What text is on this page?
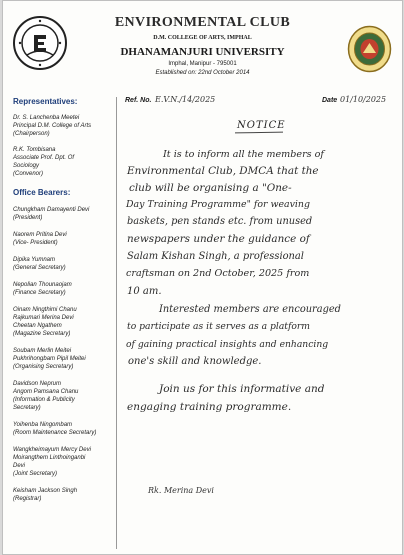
ENVIRONMENTAL CLUB
D.M. COLLEGE OF ARTS, IMPHAL
DHANAMANJURI UNIVERSITY
Imphal, Manipur - 795001
Established on: 22nd October 2014
Representatives:
Dr. S. Lanchenba Meetei
Principal D.M. College of Arts
(Chairperson)
R.K. Tombisana
Associate Prof. Dpt. Of
Sociology
(Convenor)
Office Bearers:
Chungkham Damayenti Devi
(President)
Naorem Pritina Devi
(Vice- President)
Dipika Yumnam
(General Secretary)
Nepolian Thounaojam
(Finance Secretary)
Oinam Ningthimi Chanu
Rajkumari Merina Devi
Cheetan Ngathem
(Magazine Secretary)
Soubam Merlin Meitei
Pukhrihongbam Pipil Meitei
(Organising Secretary)
Davidson Neprum
Angom Pamsana Chanu
(Information & Publicity
Secretary)
Yoihenba Ningombam
(Room Maintenance Secretary)
Wangkheimayum Mercy Devi
Moirangthem Linthoinganbi
Devi
(Joint Secretary)
Keisham Jackson Singh
(Registrar)
Ref. No. E.V.N./14/2025	Date 01/10/2025
NOTICE
It is to inform all the members of
Environmental Club, DMCA that the
club will be organising a "One-
Day Training Programme" for weaving
baskets, pen stands etc. from unused
newspapers under the guidance of
Salam Kishan Singh, a professional
craftsman on 2nd October, 2025 from
10 am.
Interested members are encouraged
to participate as it serves as a platform
of gaining practical insights and enhancing
one's skill and knowledge.
Join us for this informative and
engaging training programme.
Rk. Merina Devi
